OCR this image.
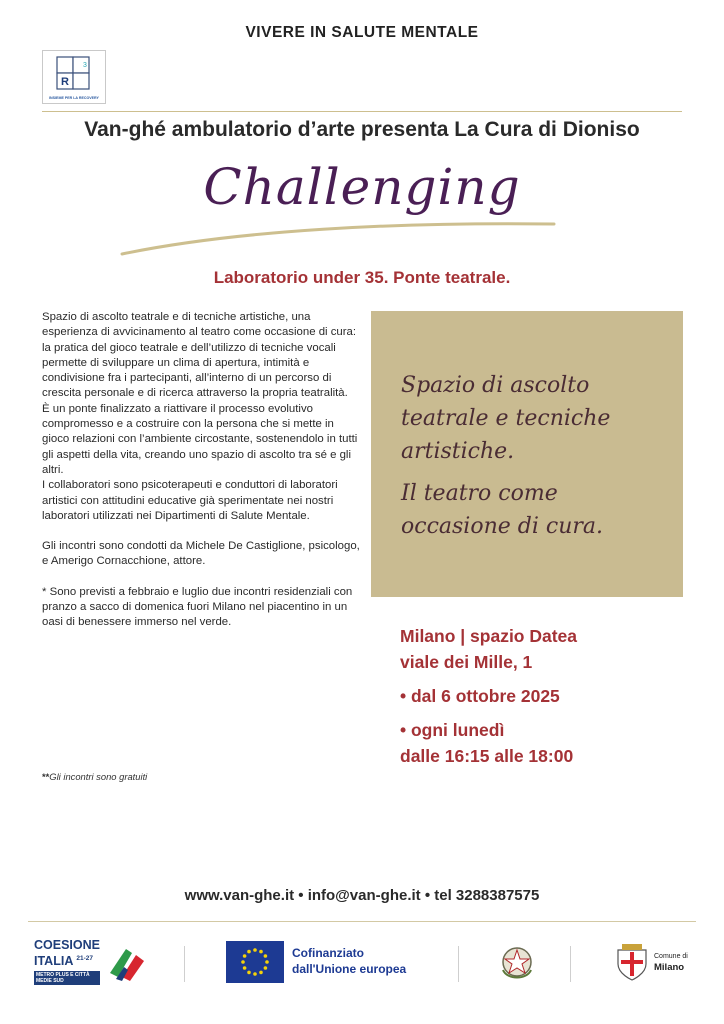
VIVERE IN SALUTE MENTALE
R
3
INSIEME PER LA RECOVERY
Van-ghé ambulatorio d’arte presenta La Cura di Dioniso
Challenging
Laboratorio under 35. Ponte teatrale.

Spazio di ascolto teatrale e di tecniche artistiche, una esperienza di avvicinamento al teatro come occasione di cura: la pratica del gioco teatrale e dell’utilizzo di tecniche vocali permette di sviluppare un clima di apertura, intimità e condivisione fra i partecipanti, all’interno di un percorso di crescita personale e di ricerca attraverso la propria teatralità.

È un ponte finalizzato a riattivare il processo evolutivo compromesso e a costruire con la persona che si mette in gioco relazioni con l’ambiente circostante, sostenendolo in tutti gli aspetti della vita, creando uno spazio di ascolto tra sé e gli altri.

I collaboratori sono psicoterapeuti e conduttori di laboratori artistici con attitudini educative già sperimentate nei nostri laboratori utilizzati nei Dipartimenti di Salute Mentale.

Gli incontri sono condotti da Michele De Castiglione, psicologo, e Amerigo Cornacchione, attore.

* Sono previsti a febbraio e luglio due incontri residenziali con pranzo a sacco di domenica fuori Milano nel piacentino in un oasi di benessere immerso nel verde.

**Gli incontri sono gratuiti

Spazio di ascolto teatrale e tecniche artistiche.

Il teatro come occasione di cura.

Milano | spazio Datea
viale dei Mille, 1
• dal 6 ottobre 2025
• ogni lunedì
dalle 16:15 alle 18:00
www.van-ghe.it • info@van-ghe.it • tel 3288387575
COESIONE
ITALIA $^{21-27}$
METRO PLUS E CITTÀ MEDIE SUD
Cofinanziato
dall'Unione europea
Comune di
Milano
